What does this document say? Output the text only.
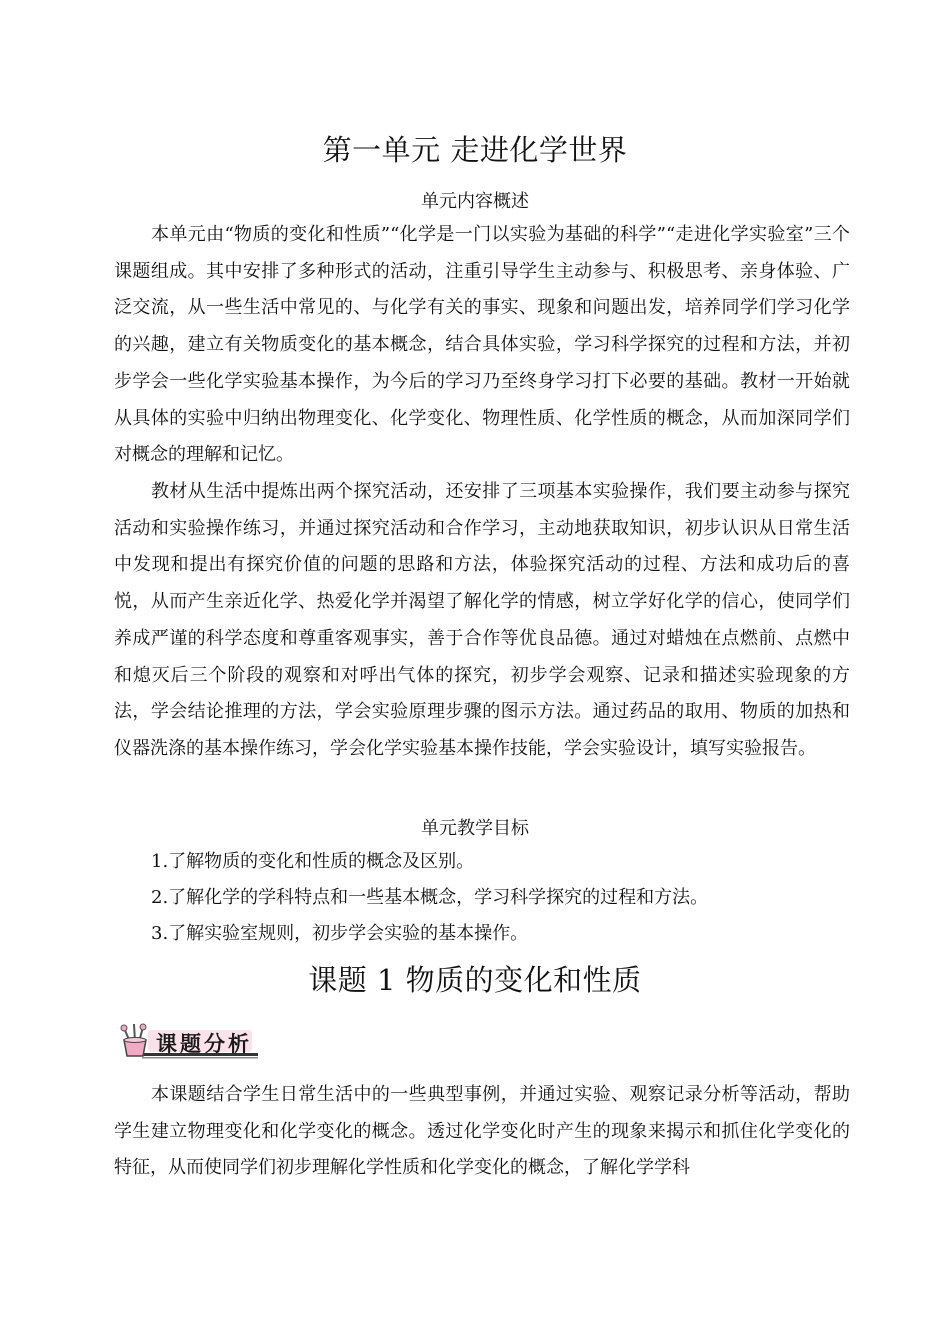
第一单元 走进化学世界
单元内容概述

本单元由“物质的变化和性质”“化学是一门以实验为基础的科学”“走进化学实验室”三个课题组成。其中安排了多种形式的活动，注重引导学生主动参与、积极思考、亲身体验、广泛交流，从一些生活中常见的、与化学有关的事实、现象和问题出发，培养同学们学习化学的兴趣，建立有关物质变化的基本概念，结合具体实验，学习科学探究的过程和方法，并初步学会一些化学实验基本操作，为今后的学习乃至终身学习打下必要的基础。教材一开始就从具体的实验中归纳出物理变化、化学变化、物理性质、化学性质的概念，从而加深同学们对概念的理解和记忆。

教材从生活中提炼出两个探究活动，还安排了三项基本实验操作，我们要主动参与探究活动和实验操作练习，并通过探究活动和合作学习，主动地获取知识，初步认识从日常生活中发现和提出有探究价值的问题的思路和方法，体验探究活动的过程、方法和成功后的喜悦，从而产生亲近化学、热爱化学并渴望了解化学的情感，树立学好化学的信心，使同学们养成严谨的科学态度和尊重客观事实，善于合作等优良品德。通过对蜡烛在点燃前、点燃中和熄灭后三个阶段的观察和对呼出气体的探究，初步学会观察、记录和描述实验现象的方法，学会结论推理的方法，学会实验原理步骤的图示方法。通过药品的取用、物质的加热和仪器洗涤的基本操作练习，学会化学实验基本操作技能，学会实验设计，填写实验报告。

单元教学目标
1.了解物质的变化和性质的概念及区别。
2.了解化学的学科特点和一些基本概念，学习科学探究的过程和方法。
3.了解实验室规则，初步学会实验的基本操作。
课题 1 物质的变化和性质
课题分析

本课题结合学生日常生活中的一些典型事例，并通过实验、观察记录分析等活动，帮助学生建立物理变化和化学变化的概念。透过化学变化时产生的现象来揭示和抓住化学变化的特征，从而使同学们初步理解化学性质和化学变化的概念，了解化学学科
